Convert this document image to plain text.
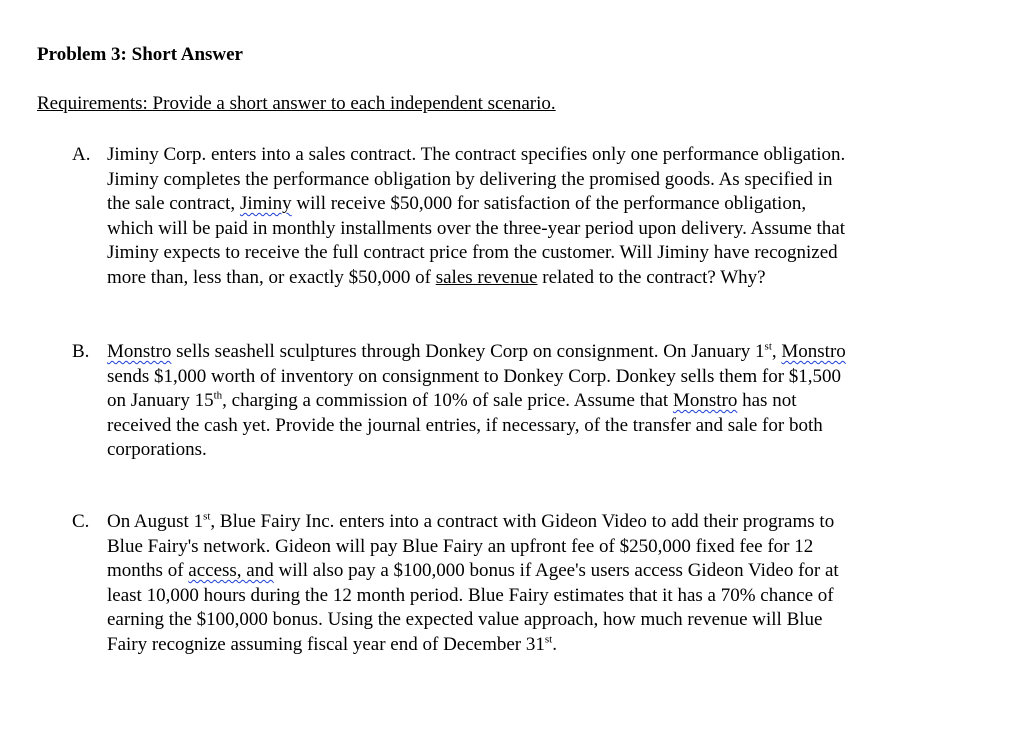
Problem 3: Short Answer
Requirements: Provide a short answer to each independent scenario.
A. Jiminy Corp. enters into a sales contract. The contract specifies only one performance obligation.
Jiminy completes the performance obligation by delivering the promised goods. As specified in
the sale contract, Jiminy will receive $50,000 for satisfaction of the performance obligation,
which will be paid in monthly installments over the three-year period upon delivery. Assume that
Jiminy expects to receive the full contract price from the customer. Will Jiminy have recognized
more than, less than, or exactly $50,000 of sales revenue related to the contract? Why?
B. Monstro sells seashell sculptures through Donkey Corp on consignment. On January 1st, Monstro
sends $1,000 worth of inventory on consignment to Donkey Corp. Donkey sells them for $1,500
on January 15th, charging a commission of 10% of sale price. Assume that Monstro has not
received the cash yet. Provide the journal entries, if necessary, of the transfer and sale for both
corporations.
C. On August 1st, Blue Fairy Inc. enters into a contract with Gideon Video to add their programs to
Blue Fairy's network. Gideon will pay Blue Fairy an upfront fee of $250,000 fixed fee for 12
months of access, and will also pay a $100,000 bonus if Agee's users access Gideon Video for at
least 10,000 hours during the 12 month period. Blue Fairy estimates that it has a 70% chance of
earning the $100,000 bonus. Using the expected value approach, how much revenue will Blue
Fairy recognize assuming fiscal year end of December 31st.
